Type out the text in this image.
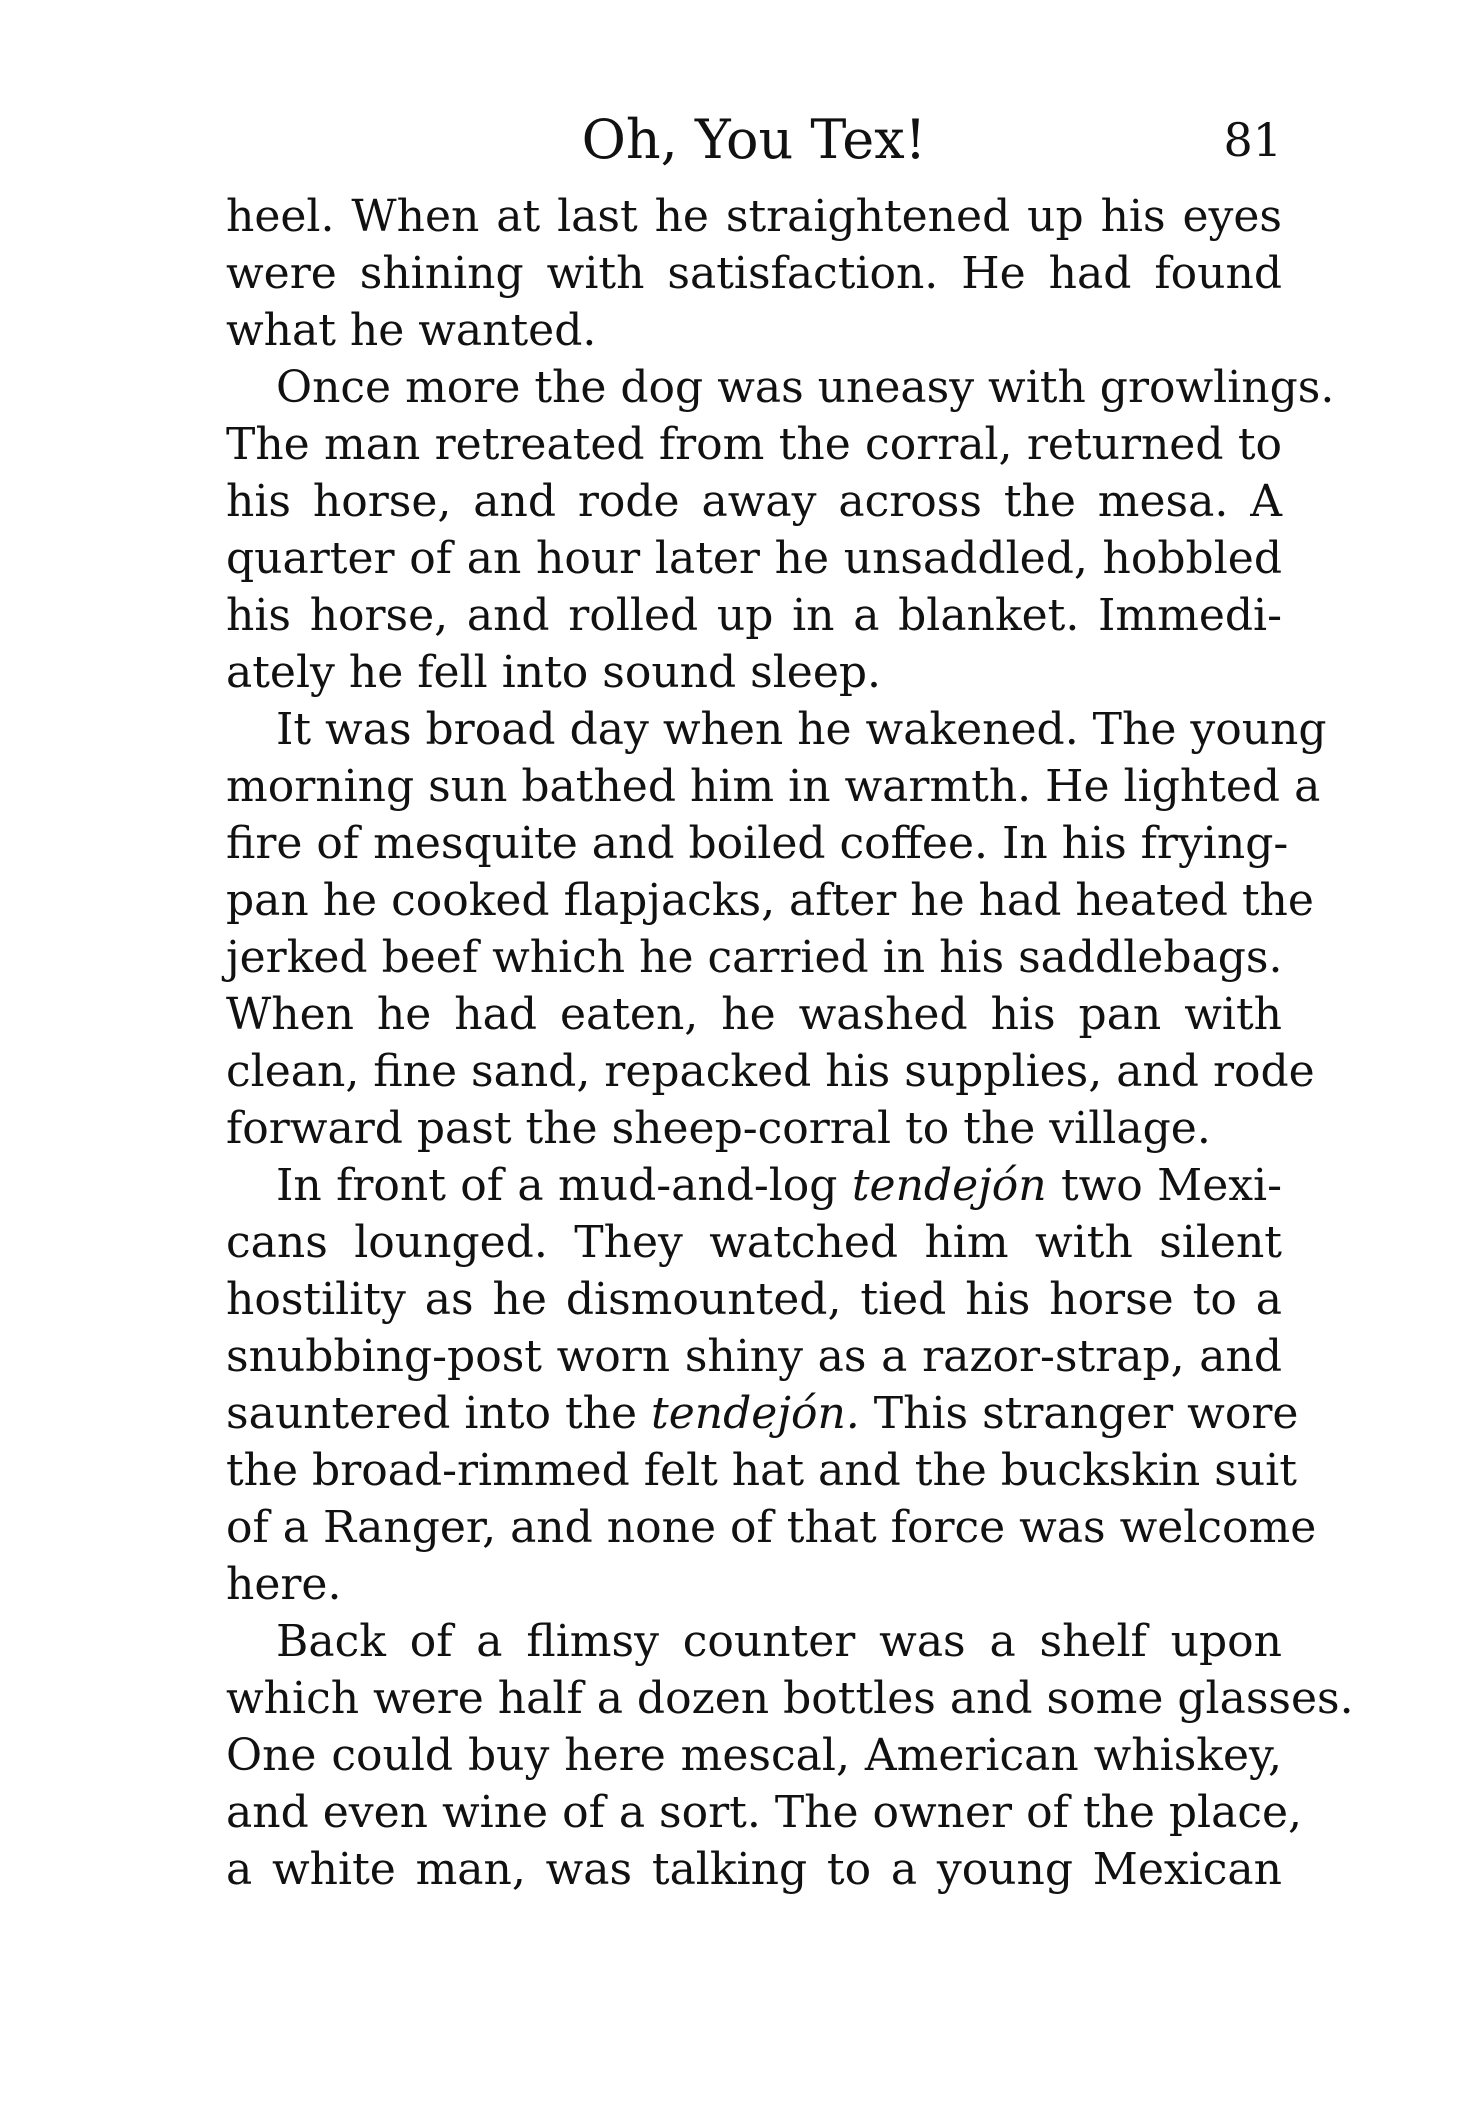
Oh, You Tex!	81
heel. When at last he straightened up his eyes
were shining with satisfaction. He had found
what he wanted.
Once more the dog was uneasy with growlings.
The man retreated from the corral, returned to
his horse, and rode away across the mesa. A
quarter of an hour later he unsaddled, hobbled
his horse, and rolled up in a blanket. Immedi-
ately he fell into sound sleep.
It was broad day when he wakened. The young
morning sun bathed him in warmth. He lighted a
fire of mesquite and boiled coffee. In his frying-
pan he cooked flapjacks, after he had heated the
jerked beef which he carried in his saddlebags.
When he had eaten, he washed his pan with
clean, fine sand, repacked his supplies, and rode
forward past the sheep-corral to the village.
In front of a mud-and-log tendejón two Mexi-
cans lounged. They watched him with silent
hostility as he dismounted, tied his horse to a
snubbing-post worn shiny as a razor-strap, and
sauntered into the tendejón. This stranger wore
the broad-rimmed felt hat and the buckskin suit
of a Ranger, and none of that force was welcome
here.
Back of a flimsy counter was a shelf upon
which were half a dozen bottles and some glasses.
One could buy here mescal, American whiskey,
and even wine of a sort. The owner of the place,
a white man, was talking to a young Mexican
